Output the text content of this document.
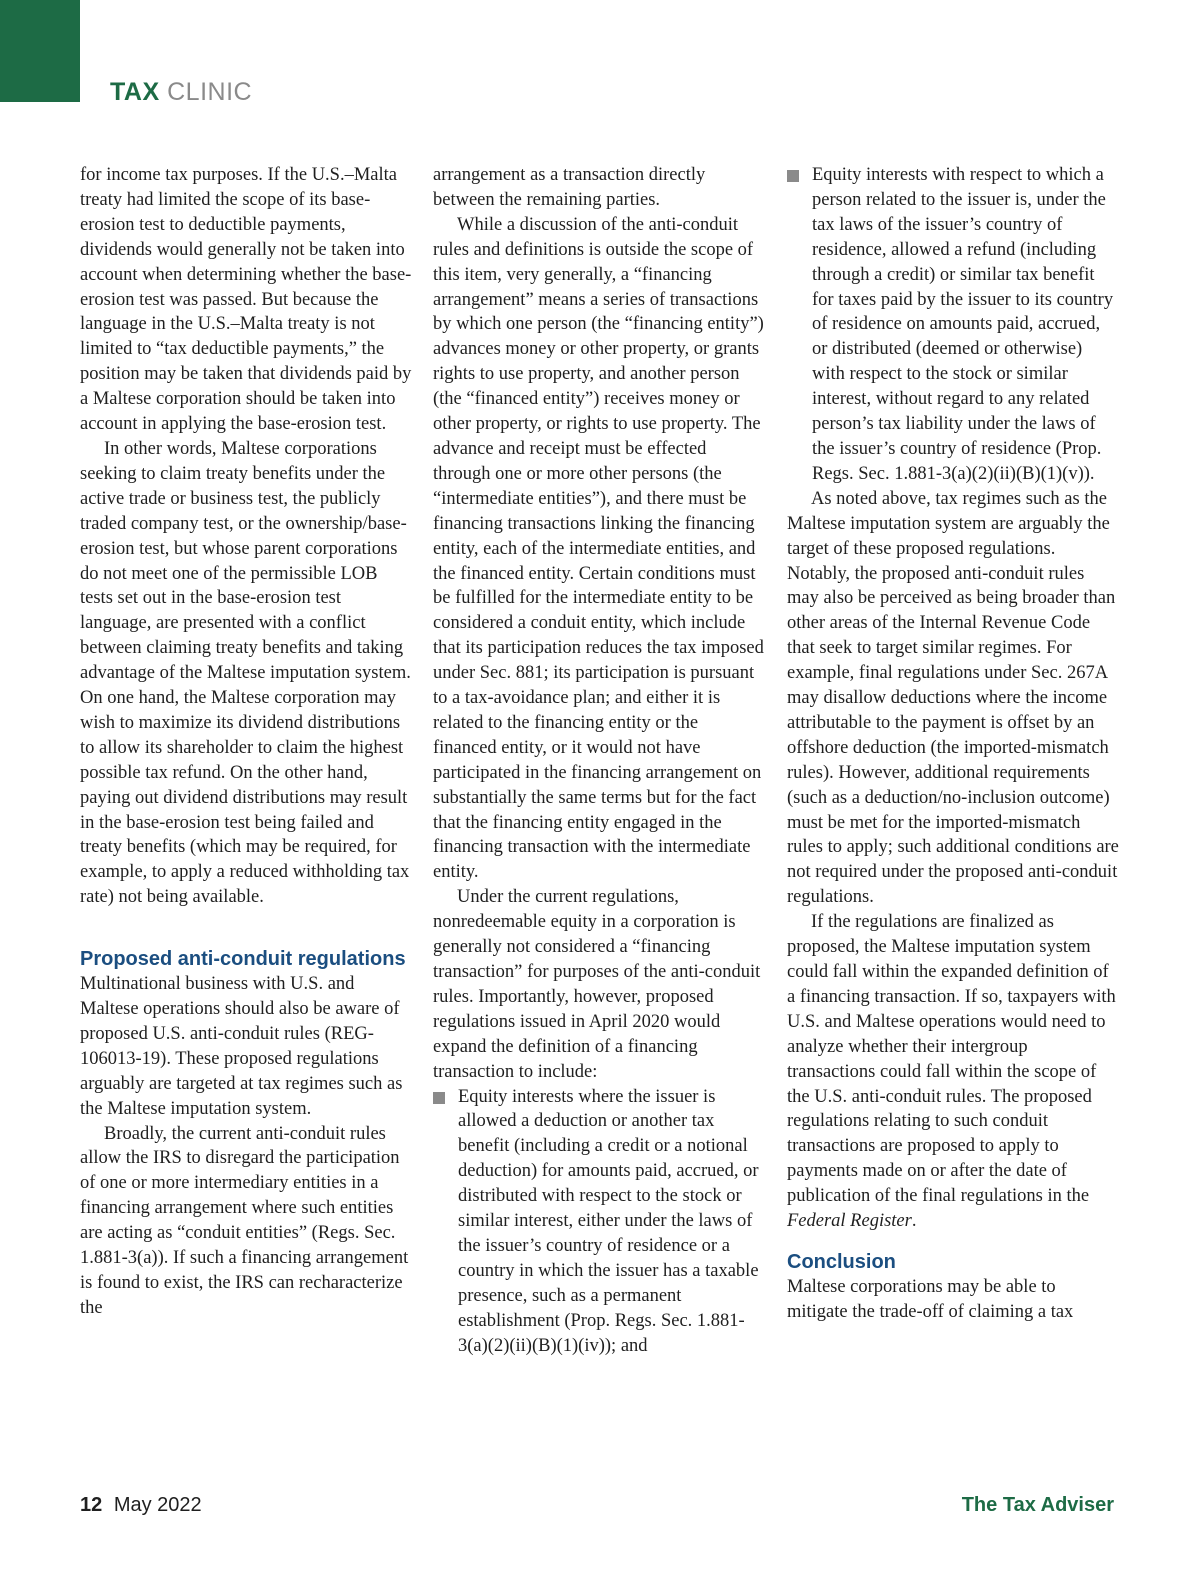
TAX CLINIC

for income tax purposes. If the U.S.–Malta treaty had limited the scope of its base-erosion test to deductible payments, dividends would generally not be taken into account when determining whether the base-erosion test was passed. But because the language in the U.S.–Malta treaty is not limited to “tax deductible payments,” the position may be taken that dividends paid by a Maltese corporation should be taken into account in applying the base-erosion test.

In other words, Maltese corporations seeking to claim treaty benefits under the active trade or business test, the publicly traded company test, or the ownership/base-erosion test, but whose parent corporations do not meet one of the permissible LOB tests set out in the base-erosion test language, are presented with a conflict between claiming treaty benefits and taking advantage of the Maltese imputation system. On one hand, the Maltese corporation may wish to maximize its dividend distributions to allow its shareholder to claim the highest possible tax refund. On the other hand, paying out dividend distributions may result in the base-erosion test being failed and treaty benefits (which may be required, for example, to apply a reduced withholding tax rate) not being available.

Proposed anti-conduit regulations

Multinational business with U.S. and Maltese operations should also be aware of proposed U.S. anti-conduit rules (REG-106013-19). These proposed regulations arguably are targeted at tax regimes such as the Maltese imputation system.

Broadly, the current anti-conduit rules allow the IRS to disregard the participation of one or more intermediary entities in a financing arrangement where such entities are acting as “conduit entities” (Regs. Sec. 1.881-3(a)). If such a financing arrangement is found to exist, the IRS can recharacterize the

arrangement as a transaction directly between the remaining parties.

While a discussion of the anti-conduit rules and definitions is outside the scope of this item, very generally, a “financing arrangement” means a series of transactions by which one person (the “financing entity”) advances money or other property, or grants rights to use property, and another person (the “financed entity”) receives money or other property, or rights to use property. The advance and receipt must be effected through one or more other persons (the “intermediate entities”), and there must be financing transactions linking the financing entity, each of the intermediate entities, and the financed entity. Certain conditions must be fulfilled for the intermediate entity to be considered a conduit entity, which include that its participation reduces the tax imposed under Sec. 881; its participation is pursuant to a tax-avoidance plan; and either it is related to the financing entity or the financed entity, or it would not have participated in the financing arrangement on substantially the same terms but for the fact that the financing entity engaged in the financing transaction with the intermediate entity.

Under the current regulations, nonredeemable equity in a corporation is generally not considered a “financing transaction” for purposes of the anti-conduit rules. Importantly, however, proposed regulations issued in April 2020 would expand the definition of a financing transaction to include:

Equity interests where the issuer is allowed a deduction or another tax benefit (including a credit or a notional deduction) for amounts paid, accrued, or distributed with respect to the stock or similar interest, either under the laws of the issuer’s country of residence or a country in which the issuer has a taxable presence, such as a permanent establishment (Prop. Regs. Sec. 1.881-3(a)(2)(ii)(B)(1)(iv)); and

Equity interests with respect to which a person related to the issuer is, under the tax laws of the issuer’s country of residence, allowed a refund (including through a credit) or similar tax benefit for taxes paid by the issuer to its country of residence on amounts paid, accrued, or distributed (deemed or otherwise) with respect to the stock or similar interest, without regard to any related person’s tax liability under the laws of the issuer’s country of residence (Prop. Regs. Sec. 1.881-3(a)(2)(ii)(B)(1)(v)).

As noted above, tax regimes such as the Maltese imputation system are arguably the target of these proposed regulations. Notably, the proposed anti-conduit rules may also be perceived as being broader than other areas of the Internal Revenue Code that seek to target similar regimes. For example, final regulations under Sec. 267A may disallow deductions where the income attributable to the payment is offset by an offshore deduction (the imported-mismatch rules). However, additional requirements (such as a deduction/no-inclusion outcome) must be met for the imported-mismatch rules to apply; such additional conditions are not required under the proposed anti-conduit regulations.

If the regulations are finalized as proposed, the Maltese imputation system could fall within the expanded definition of a financing transaction. If so, taxpayers with U.S. and Maltese operations would need to analyze whether their intergroup transactions could fall within the scope of the U.S. anti-conduit rules. The proposed regulations relating to such conduit transactions are proposed to apply to payments made on or after the date of publication of the final regulations in the Federal Register.

Conclusion

Maltese corporations may be able to mitigate the trade-off of claiming a tax

12 May 2022	The Tax Adviser
